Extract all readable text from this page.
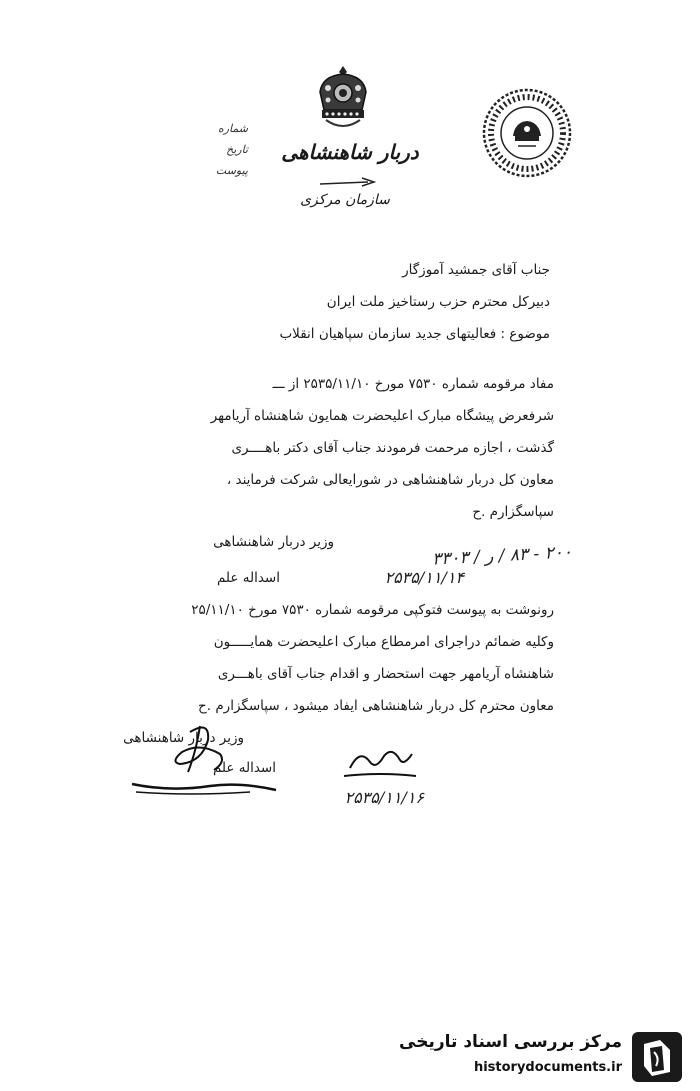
شماره
تاریخ
پیوست
دربار شاهنشاهی
سازمان مرکزی
جناب آقای جمشید آموزگار
دبیرکل محترم حزب رستاخیز ملت ایران
موضوع : فعالیتهای جدید سازمان سپاهیان انقلاب
مفاد مرقومه شماره ۷۵۳۰ مورخ ۲۵۳۵/۱۱/۱۰ از ـــ
شرفعرض پیشگاه مبارک اعلیحضرت همایون شاهنشاه آریامهر
گذشت ، اجازه مرحمت فرمودند جناب آقای دکتر باهــــری
معاون کل دربار شاهنشاهی در شورایعالی شرکت فرمایند ،
سپاسگزارم .ح
وزیر دربار شاهنشاهی
۲۰۰ - ۸۳ / ر / ۳۳۰۳
۲۵۳۵/۱۱/۱۴
اسداله علم
رونوشت به پیوست فتوکپی مرقومه شماره ۷۵۳۰ مورخ ۲۵/۱۱/۱۰
وکلیه ضمائم دراجرای امرمطاع مبارک اعلیحضرت همایـــــون
شاهنشاه آریامهر جهت استحضار و اقدام جناب آقای باهـــری
معاون محترم کل دربار شاهنشاهی ایفاد میشود ، سپاسگزارم .ح
وزیر دربار شاهنشاهی
اسداله علم
۲۵۳۵/۱۱/۱۶
مرکز بررسی اسناد تاریخی
historydocuments.ir
